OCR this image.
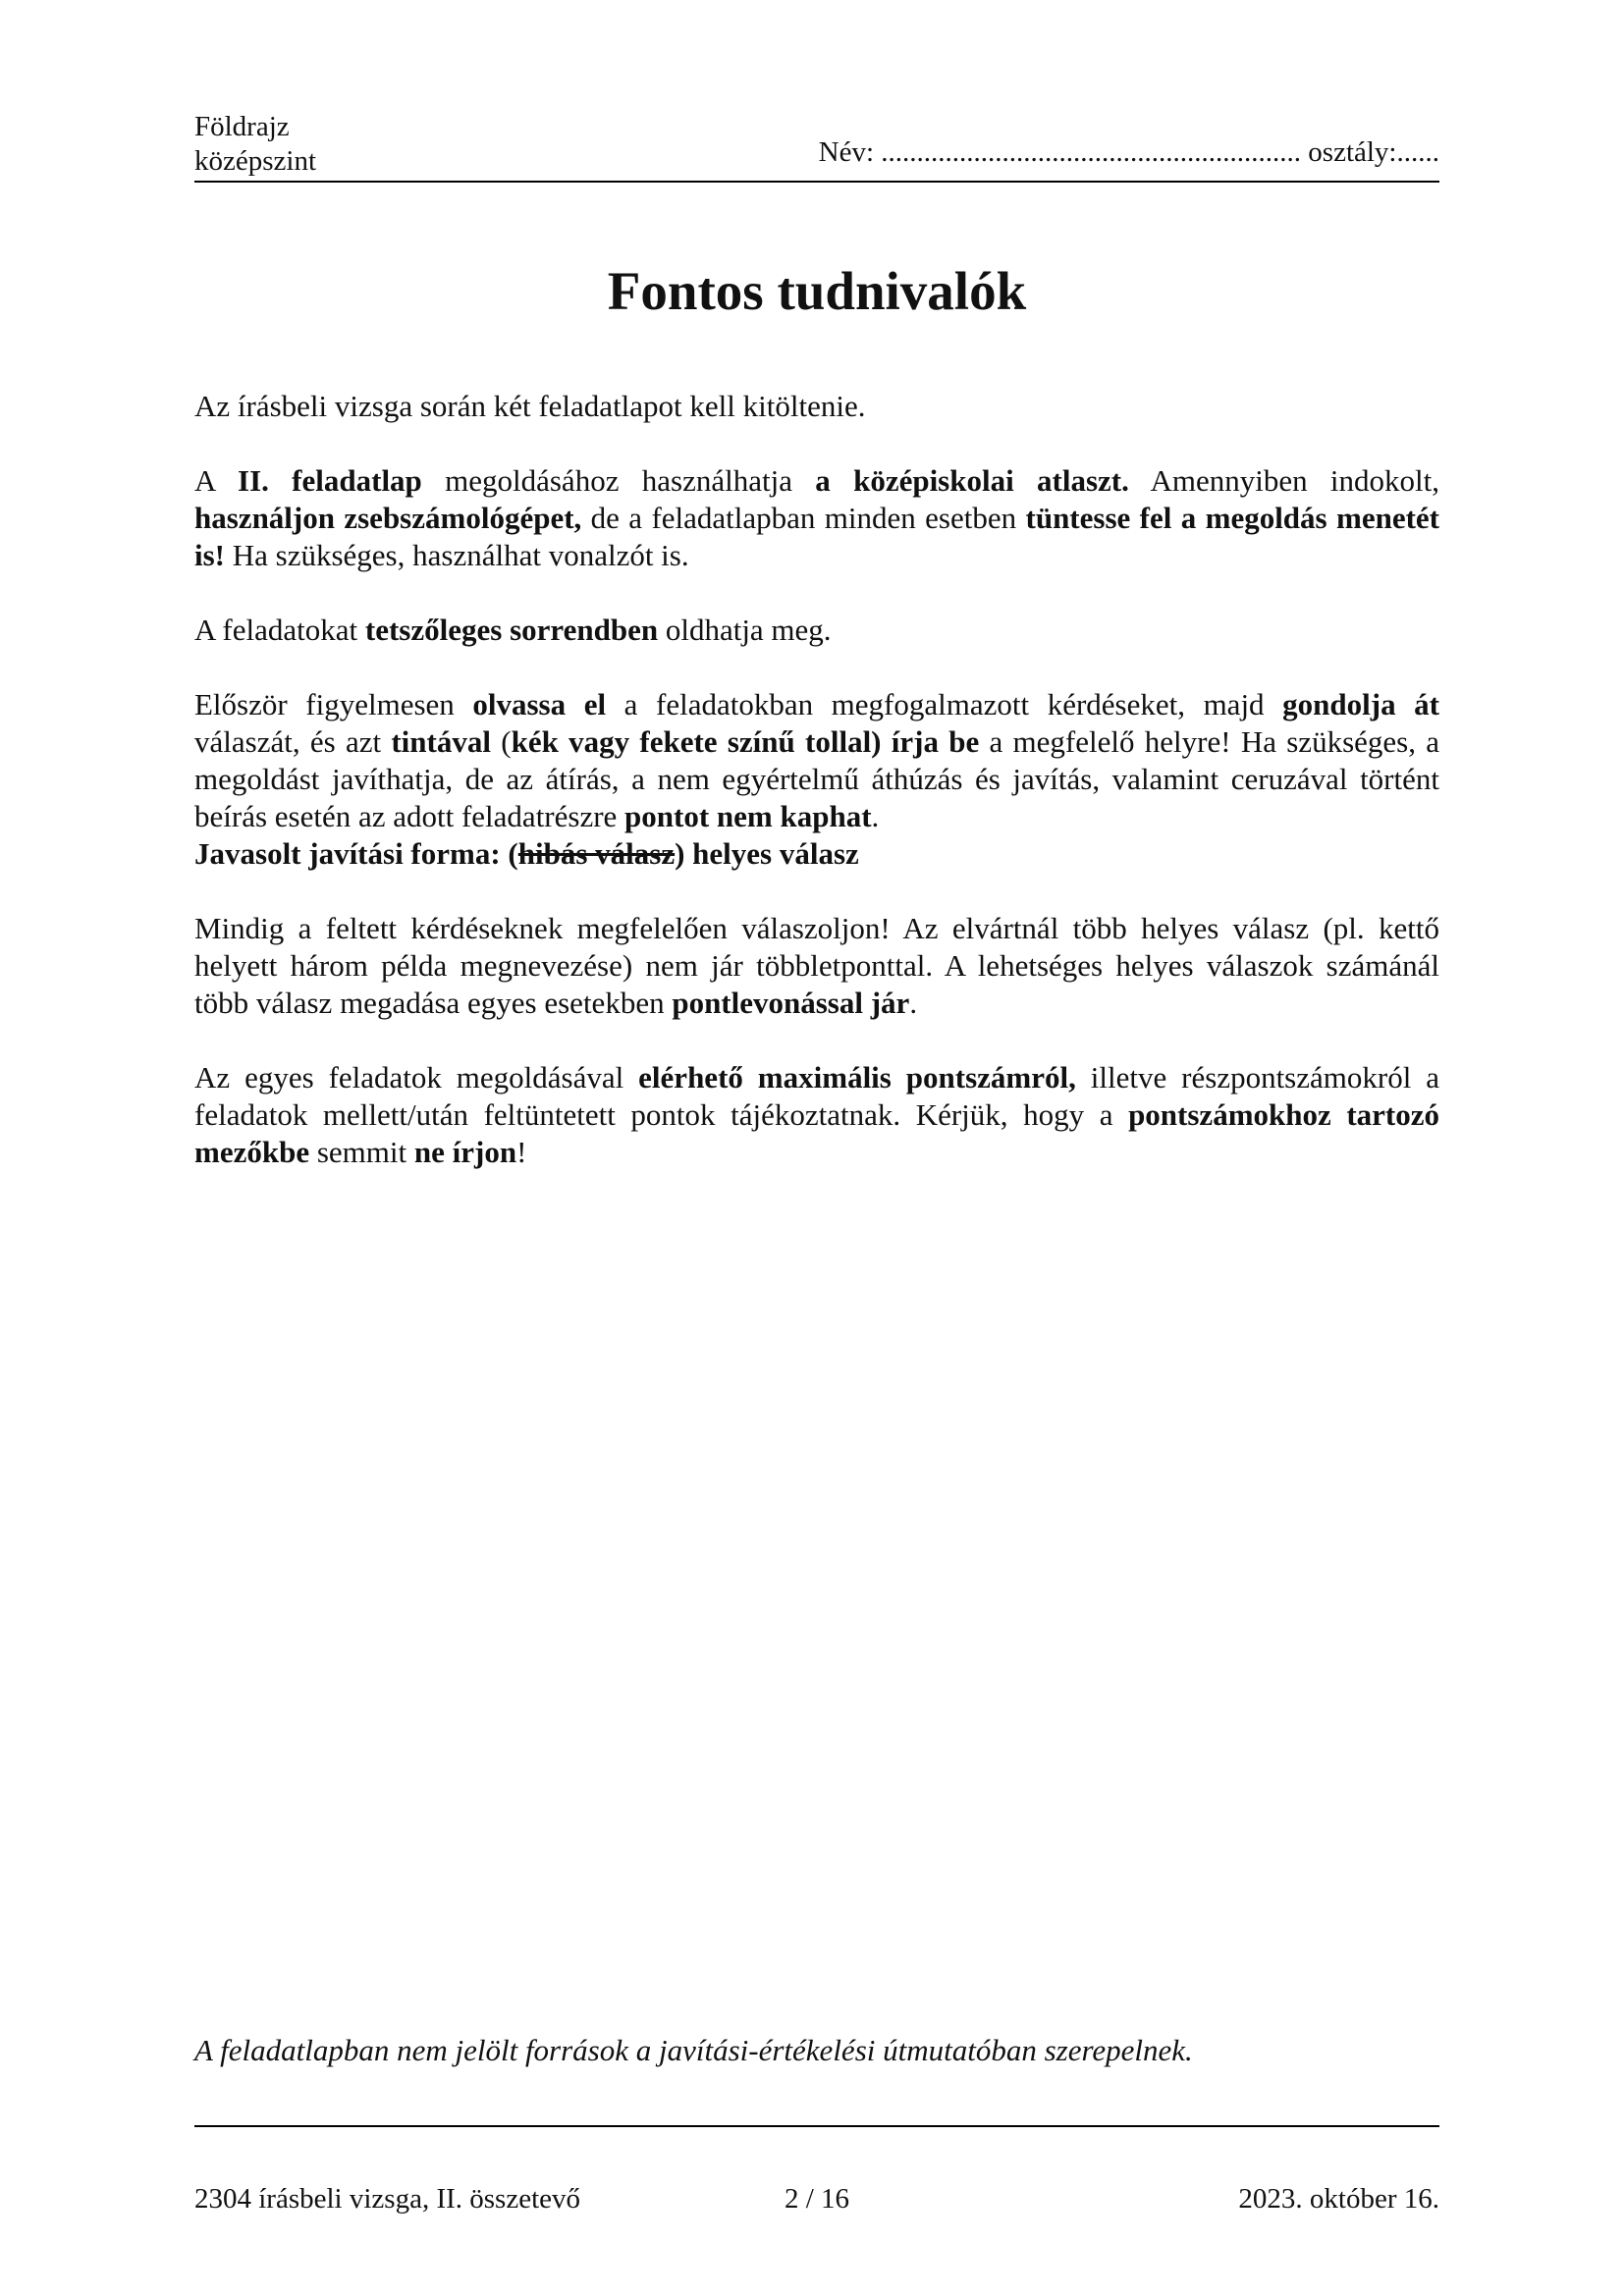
Földrajz
középszint	Név: ........................................................... osztály:......
Fontos tudnivalók

Az írásbeli vizsga során két feladatlapot kell kitöltenie.

A II. feladatlap megoldásához használhatja a középiskolai atlaszt. Amennyiben indokolt, használjon zsebszámológépet, de a feladatlapban minden esetben tüntesse fel a megoldás menetét is! Ha szükséges, használhat vonalzót is.

A feladatokat tetszőleges sorrendben oldhatja meg.

Először figyelmesen olvassa el a feladatokban megfogalmazott kérdéseket, majd gondolja át válaszát, és azt tintával (kék vagy fekete színű tollal) írja be a megfelelő helyre! Ha szükséges, a megoldást javíthatja, de az átírás, a nem egyértelmű áthúzás és javítás, valamint ceruzával történt beírás esetén az adott feladatrészre pontot nem kaphat.

Javasolt javítási forma: (hibás válasz) helyes válasz

Mindig a feltett kérdéseknek megfelelően válaszoljon! Az elvártnál több helyes válasz (pl. kettő helyett három példa megnevezése) nem jár többletponttal. A lehetséges helyes válaszok számánál több válasz megadása egyes esetekben pontlevonással jár.

Az egyes feladatok megoldásával elérhető maximális pontszámról, illetve részpontszámokról a feladatok mellett/után feltüntetett pontok tájékoztatnak. Kérjük, hogy a pontszámokhoz tartozó mezőkbe semmit ne írjon!

A feladatlapban nem jelölt források a javítási-értékelési útmutatóban szerepelnek.
2304 írásbeli vizsga, II. összetevő	2 / 16	2023. október 16.
